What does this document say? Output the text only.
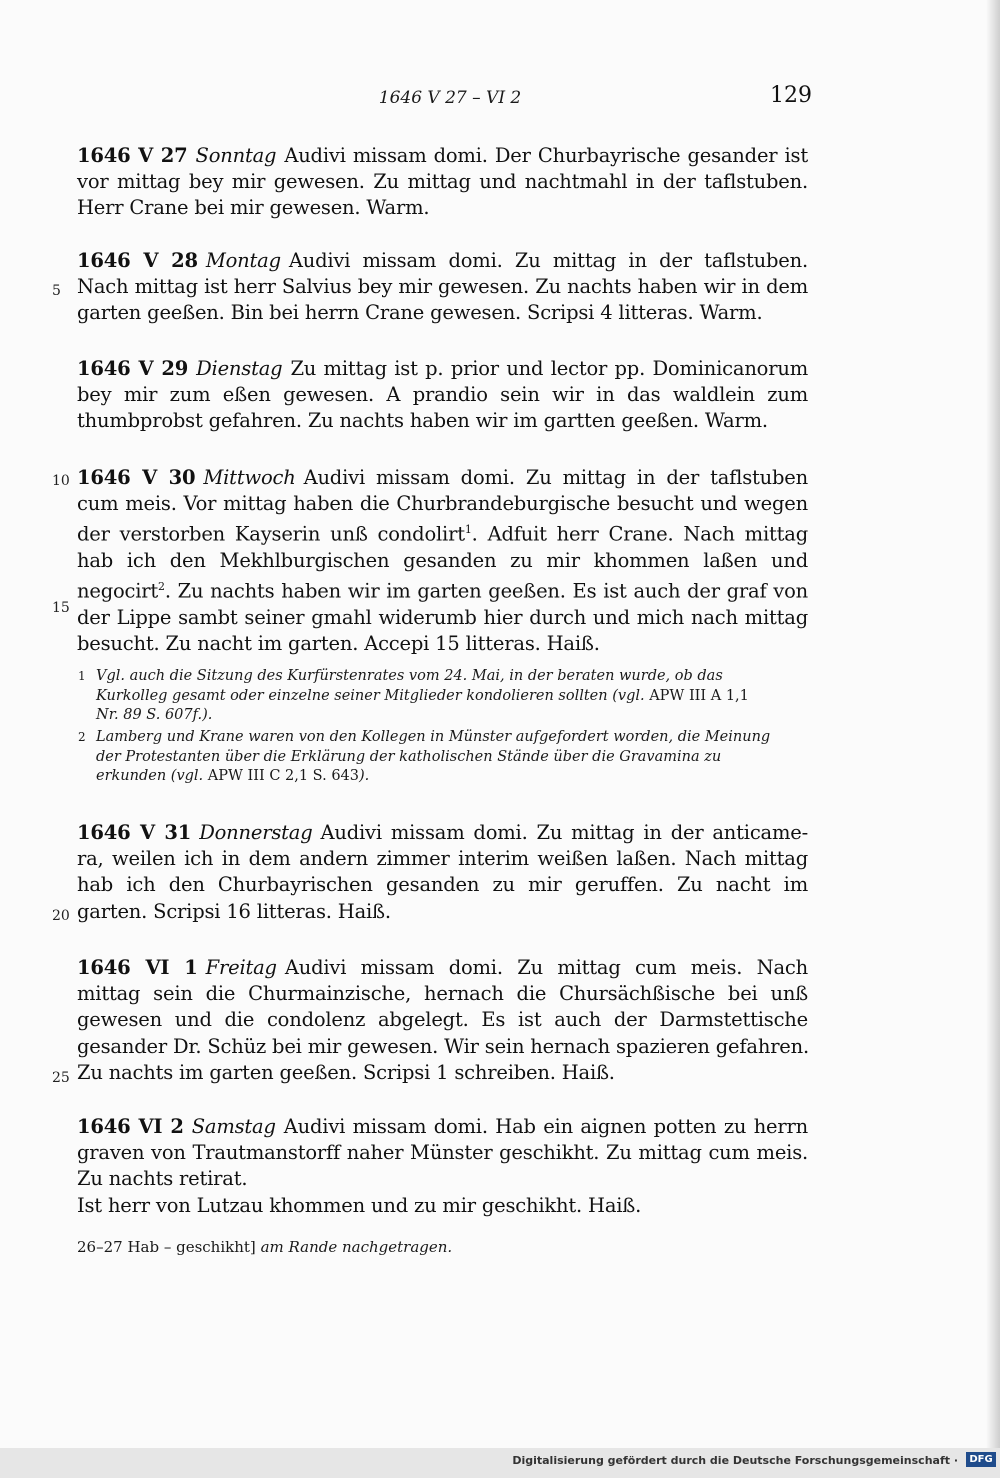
1646 V 27 – VI 2	129
1646 V 27 Sonntag Audivi missam domi. Der Churbayrische gesander ist
vor mittag bey mir gewesen. Zu mittag und nachtmahl in der taflstuben.
Herr Crane bei mir gewesen. Warm.
1646 V 28 Montag Audivi missam domi. Zu mittag in der taflstuben.
Nach mittag ist herr Salvius bey mir gewesen. Zu nachts haben wir in dem
garten geeßen. Bin bei herrn Crane gewesen. Scripsi 4 litteras. Warm.
5
1646 V 29 Dienstag Zu mittag ist p. prior und lector pp. Dominicanorum
bey mir zum eßen gewesen. A prandio sein wir in das waldlein zum
thumbprobst gefahren. Zu nachts haben wir im gartten geeßen. Warm.
1646 V 30 Mittwoch Audivi missam domi. Zu mittag in der taflstuben
cum meis. Vor mittag haben die Churbrandeburgische besucht und wegen
der verstorben Kayserin unß condolirt$^1$. Adfuit herr Crane. Nach mittag
hab ich den Mekhlburgischen gesanden zu mir khommen laßen und
negocirt$^2$. Zu nachts haben wir im garten geeßen. Es ist auch der graf von
der Lippe sambt seiner gmahl widerumb hier durch und mich nach mittag
besucht. Zu nacht im garten. Accepi 15 litteras. Haiß.
10
15
1 Vgl. auch die Sitzung des Kurfürstenrates vom 24. Mai, in der beraten wurde, ob das
Kurkolleg gesamt oder einzelne seiner Mitglieder kondolieren sollten (vgl. APW III A 1,1
Nr. 89 S. 607f.).
2 Lamberg und Krane waren von den Kollegen in Münster aufgefordert worden, die Meinung
der Protestanten über die Erklärung der katholischen Stände über die Gravamina zu
erkunden (vgl. APW III C 2,1 S. 643).
1646 V 31 Donnerstag Audivi missam domi. Zu mittag in der anticame-
ra, weilen ich in dem andern zimmer interim weißen laßen. Nach mittag
hab ich den Churbayrischen gesanden zu mir geruffen. Zu nacht im
garten. Scripsi 16 litteras. Haiß.
20
1646 VI 1 Freitag Audivi missam domi. Zu mittag cum meis. Nach
mittag sein die Churmainzische, hernach die Chursächßische bei unß
gewesen und die condolenz abgelegt. Es ist auch der Darmstettische
gesander Dr. Schüz bei mir gewesen. Wir sein hernach spazieren gefahren.
Zu nachts im garten geeßen. Scripsi 1 schreiben. Haiß.
25
1646 VI 2 Samstag Audivi missam domi. Hab ein aignen potten zu herrn
graven von Trautmanstorff naher Münster geschikht. Zu mittag cum meis.
Zu nachts retirat.
Ist herr von Lutzau khommen und zu mir geschikht. Haiß.
26–27 Hab – geschikht] am Rande nachgetragen.
Digitalisierung gefördert durch die Deutsche Forschungsgemeinschaft ·	DFG
